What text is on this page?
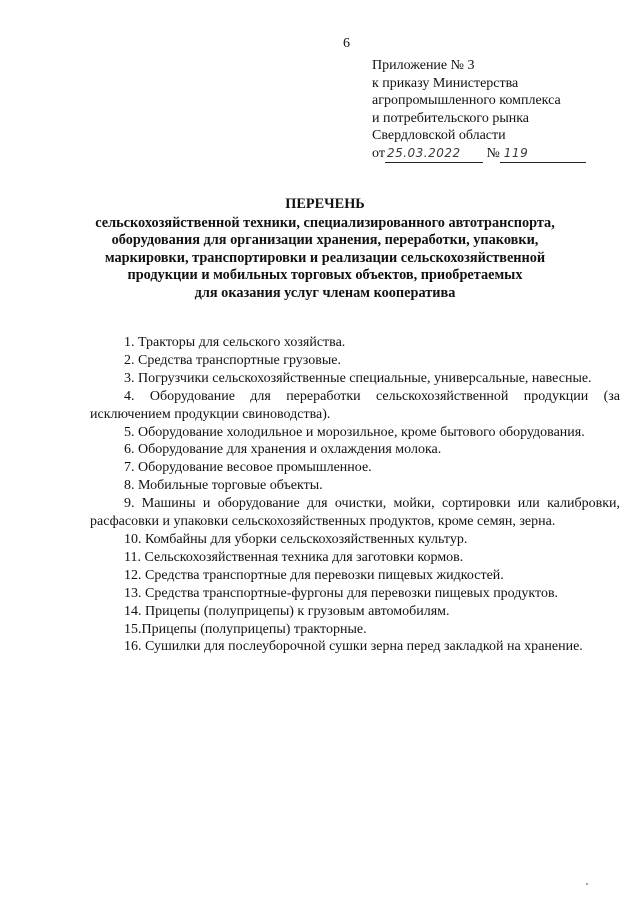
6
Приложение № 3
к приказу Министерства
агропромышленного комплекса
и потребительского рынка
Свердловской области
от 25.03.2022 № 119
ПЕРЕЧЕНЬ
сельскохозяйственной техники, специализированного автотранспорта,
оборудования для организации хранения, переработки, упаковки,
маркировки, транспортировки и реализации сельскохозяйственной
продукции и мобильных торговых объектов, приобретаемых
для оказания услуг членам кооператива
1. Тракторы для сельского хозяйства.
2. Средства транспортные грузовые.
3. Погрузчики сельскохозяйственные специальные, универсальные, навесные.
4. Оборудование для переработки сельскохозяйственной продукции (за исключением продукции свиноводства).
5. Оборудование холодильное и морозильное, кроме бытового оборудования.
6. Оборудование для хранения и охлаждения молока.
7. Оборудование весовое промышленное.
8. Мобильные торговые объекты.
9. Машины и оборудование для очистки, мойки, сортировки или калибровки, расфасовки и упаковки сельскохозяйственных продуктов, кроме семян, зерна.
10. Комбайны для уборки сельскохозяйственных культур.
11. Сельскохозяйственная техника для заготовки кормов.
12. Средства транспортные для перевозки пищевых жидкостей.
13. Средства транспортные-фургоны для перевозки пищевых продуктов.
14. Прицепы (полуприцепы) к грузовым автомобилям.
15.Прицепы (полуприцепы) тракторные.
16. Сушилки для послеуборочной сушки зерна перед закладкой на хранение.
